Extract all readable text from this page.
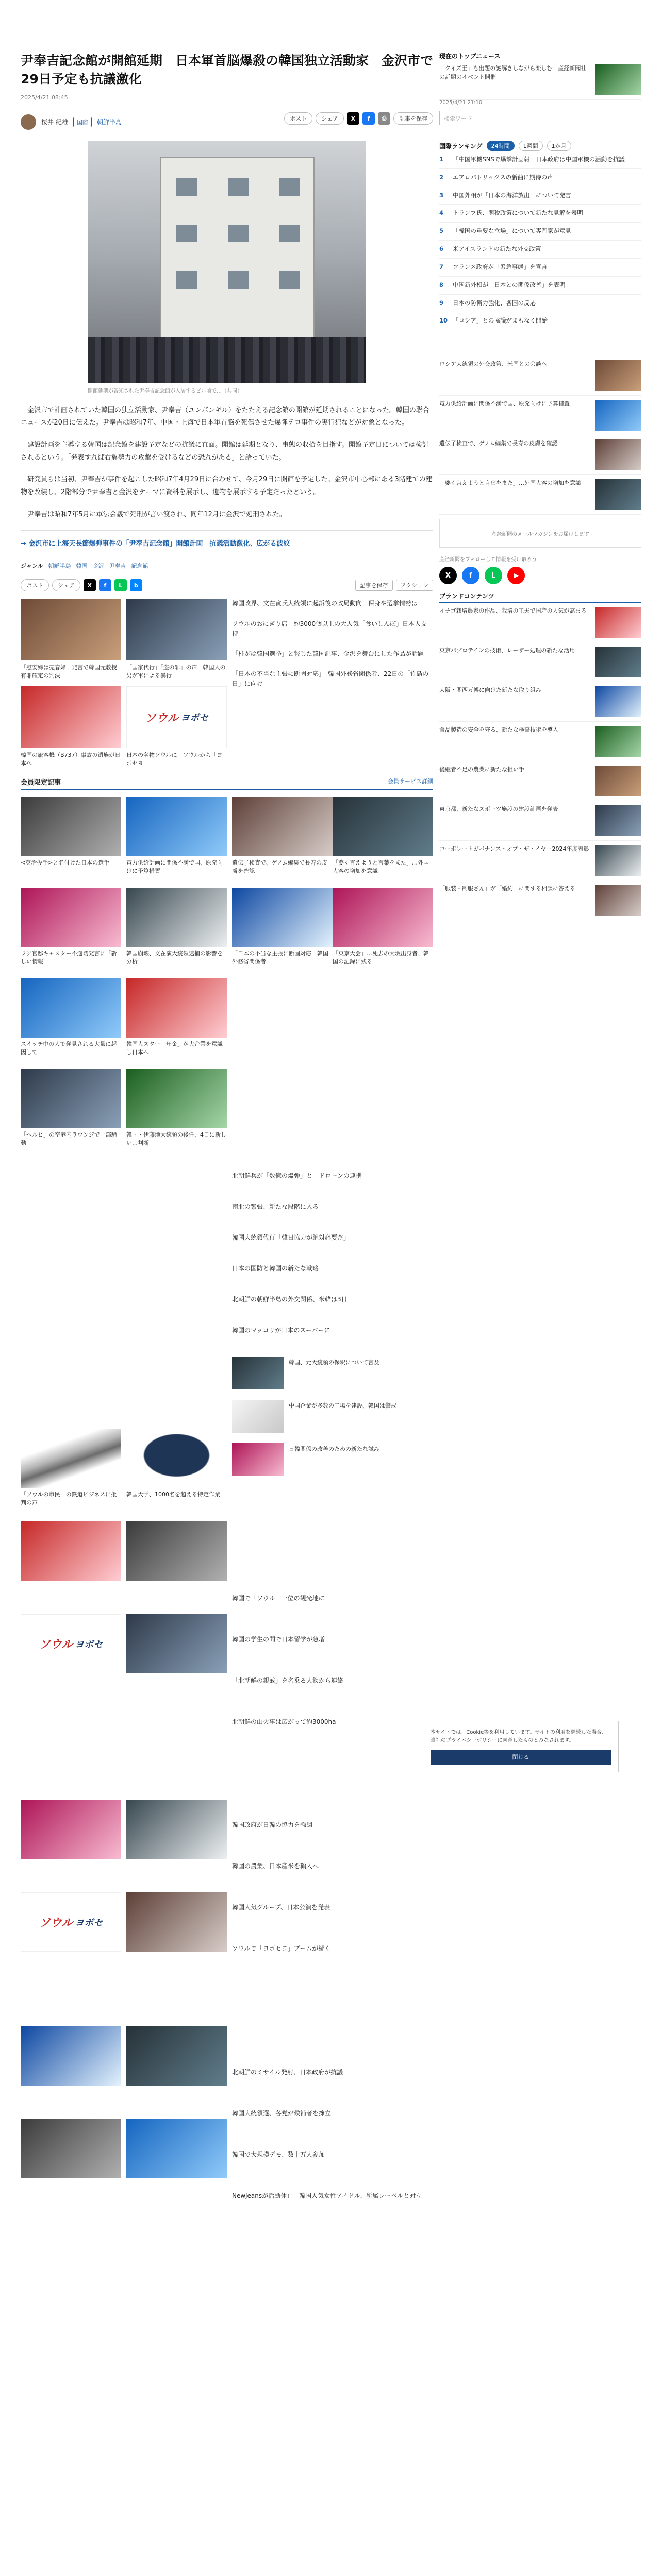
尹奉吉記念館が開館延期　日本軍首脳爆殺の韓国独立活動家　金沢市で29日予定も抗議激化
2025/4/21 08:45
ポスト	シェア	X	f	⎙	記事を保存
桜井 紀雄	国際	朝鮮半島
開館延期が告知された尹奉吉記念館が入居するビル前で…（共同）

金沢市で計画されていた韓国の独立活動家、尹奉吉（ユンボンギル）をたたえる記念館の開館が延期されることになった。韓国の聯合ニュースが20日に伝えた。尹奉吉は昭和7年、中国・上海で日本軍首脳を死傷させた爆弾テロ事件の実行犯などが対象となった。

建設計画を主導する韓国は記念館を建設予定などの抗議に直面。開館は延期となり、事態の収拾を目指す。開館予定日については検討されるという。「発表すれば右翼勢力の攻撃を受けるなどの恐れがある」と語っていた。

研究員らは当初、尹奉吉が事件を起こした昭和7年4月29日に合わせて、今月29日に開館を予定した。金沢市中心部にある3階建ての建物を改装し、2階部分で尹奉吉と金沢をテーマに資料を展示し、遺物を展示する予定だったという。

尹奉吉は昭和7年5月に軍法会議で死刑が言い渡され、同年12月に金沢で処刑された。

→ 金沢市に上海天長節爆弾事件の「尹奉吉記念館」開館計画　抗議活動激化、広がる波紋
ジャンル 朝鮮半島 韓国 金沢 尹奉吉 記念館
ポスト	シェア	X	f	L	b	記事を保存	アクション
「慰安婦は売春婦」発言で韓国元教授有罪確定の判決
「国家代行」「盗の罪」の声　韓国人の男が軍による暴行
韓国の旅客機（B737）事故の遺族が日本へ
ソウル ヨボセ
日本の名物ソウルに　ソウルから「ヨボセヨ」
韓国政界、文在寅氏大統領に起訴後の政局動向　保身や選挙情勢は
ソウルのおにぎり店　約3000個以上の大人気「食いしんぼ」日本人支持
「柱がは韓国選挙」と報じた韓国記事、金沢を舞台にした作品が話題
「日本の不当な主張に断固対応」　韓国外務省関係者、22日の「竹島の日」に向け
会員限定記事	会員サービス詳細
<英治投手>と名付けた日本の選手	電力供給計画に関係不満で国、原発向けに予算措置
遺伝子検査で、ゲノム編集で長寿の皮膚を確認
「婆く言えようと言葉をまた」…外国人客の増加を意識
フジ官邸キャスター不適切発言に「新しい情報」
韓国崩壊、文在演大統領逮捕の影響を分析
「日本の不当な主張に断固対応」韓国外務省関係者
「東京大会」…死去の大坂出身者、韓国の記録に残る
スイッチ中の人で発見される大量に起因して
韓国人スター「年金」が大企業を意識し日本へ
「ヘルピ」の空港内ラウンジで一部騒動
韓国・伊藤地大統領の後任、4日に新しい…判断
北朝鮮兵が「数億の爆弾」と　ドローンの連携
南北の緊張、新たな段階に入る
韓国大統領代行「韓日協力が絶対必要だ」
日本の国防と韓国の新たな戦略
北朝鮮の朝鮮半島の外交関係、米韓は3日
韓国のマッコリが日本のスーパーに
韓国、元大統領の保釈について言及
中国企業が多数の工場を建設、韓国は警戒
日韓関係の改善のための新たな試み
「ソウルの市民」の鉄道ビジネスに批判の声
韓国大学、1000名を超える特定作業
ソウル ヨボセ
韓国で「ソウル」一位の観光地に
韓国の学生の間で日本留学が急増
「北朝鮮の親戚」を名乗る人物から連絡
北朝鮮の山火事は広がって約3000ha
ソウル ヨボセ
韓国政府が日韓の協力を強調
韓国の農業、日本産米を輸入へ
韓国人気グループ、日本公演を発表
ソウルで「ヨボセヨ」ブームが続く
北朝鮮のミサイル発射、日本政府が抗議
韓国大統領選、各党が候補者を擁立
韓国で大規模デモ、数十万人参加
Newjeansが活動休止　韓国人気女性アイドル、所属レーベルと対立
現在のトップニュース
「クイズ王」も出題の謎解きしながら楽しむ　産経新聞社の話題のイベント開催
2025/4/21 21:10
検索ワード
国際ランキング	24時間	1週間	1か月
1	「中国軍機SNSで爆撃計画報」日本政府は中国軍機の活動を抗議
2	エアロパトリックスの新曲に期待の声
3	中国外相が「日本の海洋放出」について発言
4	トランプ氏、関税政策について新たな見解を表明
5	「韓国の重要な立場」について専門家が意見
6	米アイスランドの新たな外交政策
7	フランス政府が「緊急事態」を宣言
8	中国新外相が「日本との関係改善」を表明
9	日本の防衛力強化、各国の反応
10 「ロシア」との協議がまもなく開始
ロシア大統領の外交政策、米国との会談へ
電力供給計画に関係不満で国、原発向けに予算措置
遺伝子検査で、ゲノム編集で長寿の皮膚を確認
「婆く言えようと言葉をまた」…外国人客の増加を意識
産経新聞のメールマガジンをお届けします
産経新聞をフォローして情報を受け取ろう
X	f	L	▶
ブランドコンテンツ
イチゴ栽培農家の作品、栽培の工夫で国産の人気が高まる
東京パブロテインの技術、レーザー処理の新たな活用
大阪・関西万博に向けた新たな取り組み
食品製造の安全を守る、新たな検査技術を導入
後継者不足の農業に新たな担い手
東京都、新たなスポーツ施設の建設計画を発表
コーポレートガバナンス・オブ・ザ・イヤー2024年度表彰
「服装・制服さん」が「婚約」に関する相談に答える
本サイトでは、Cookie等を利用しています。サイトの利用を継続した場合、当社のプライバシーポリシーに同意したものとみなされます。
閉じる
